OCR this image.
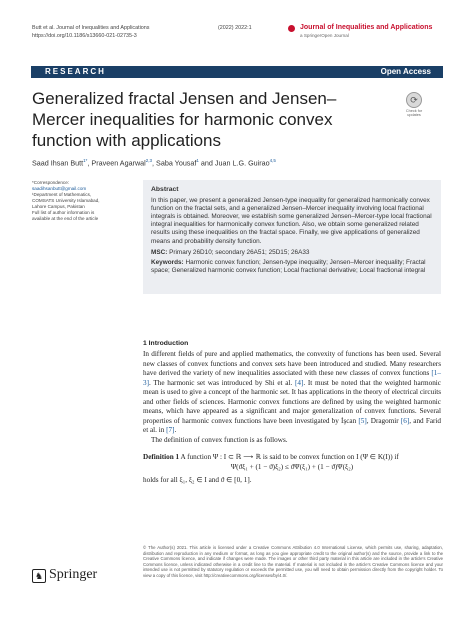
Butt et al. Journal of Inequalities and Applications	(2022) 2022:1
https://doi.org/10.1186/s13660-021-02735-3
Journal of Inequalities and Applications
a SpringerOpen Journal
RESEARCH	Open Access
Generalized fractal Jensen and Jensen–Mercer inequalities for harmonic convex function with applications
⟳
Check for updates
Saad Ihsan Butt$^{1*}$, Praveen Agarwal$^{2,3}$, Saba Yousaf$^1$ and Juan L.G. Guirao$^{4,5}$
*Correspondence:
saadihsanbutt@gmail.com
¹Department of Mathematics, COMSATS University Islamabad, Lahore Campus, Pakistan
Full list of author information is available at the end of the article
Abstract

In this paper, we present a generalized Jensen-type inequality for generalized harmonically convex function on the fractal sets, and a generalized Jensen–Mercer inequality involving local fractional integrals is obtained. Moreover, we establish some generalized Jensen–Mercer-type local fractional integral inequalities for harmonically convex function. Also, we obtain some generalized related results using these inequalities on the fractal space. Finally, we give applications of generalized means and probability density function.

MSC: Primary 26D10; secondary 26A51; 25D15; 26A33

Keywords: Harmonic convex function; Jensen-type inequality; Jensen–Mercer inequality; Fractal space; Generalized harmonic convex function; Local fractional derivative; Local fractional integral

1 Introduction

In different fields of pure and applied mathematics, the convexity of functions has been used. Several new classes of convex functions and convex sets have been introduced and studied. Many researchers have derived the variety of new inequalities associated with these new classes of convex functions [1–3]. The harmonic set was introduced by Shi et al. [4]. It must be noted that the weighted harmonic mean is used to give a concept of the harmonic set. It has applications in the theory of electrical circuits and other fields of sciences. Harmonic convex functions are defined by using the weighted harmonic means, which have appeared as a significant and major generalization of convex functions. Several properties of harmonic convex functions have been investigated by İşcan [5], Dragomir [6], and Farid et al. in [7].

The definition of convex function is as follows.

Definition 1 A function Ψ : I ⊂ ℝ ⟶ ℝ is said to be convex function on I (Ψ ∈ K(I)) if

Ψ(ϑξ₁ + (1 − ϑ)ξ₂) ≤ ϑΨ(ξ₁) + (1 − ϑ)Ψ(ξ₂)

holds for all ξ₁, ξ₂ ∈ I and ϑ ∈ [0, 1].

♞ Springer
© The Author(s) 2021. This article is licensed under a Creative Commons Attribution 4.0 International License, which permits use, sharing, adaptation, distribution and reproduction in any medium or format, as long as you give appropriate credit to the original author(s) and the source, provide a link to the Creative Commons licence, and indicate if changes were made. The images or other third party material in this article are included in the article's Creative Commons licence, unless indicated otherwise in a credit line to the material. If material is not included in the article's Creative Commons licence and your intended use is not permitted by statutory regulation or exceeds the permitted use, you will need to obtain permission directly from the copyright holder. To view a copy of this licence, visit http://creativecommons.org/licenses/by/4.0/.
